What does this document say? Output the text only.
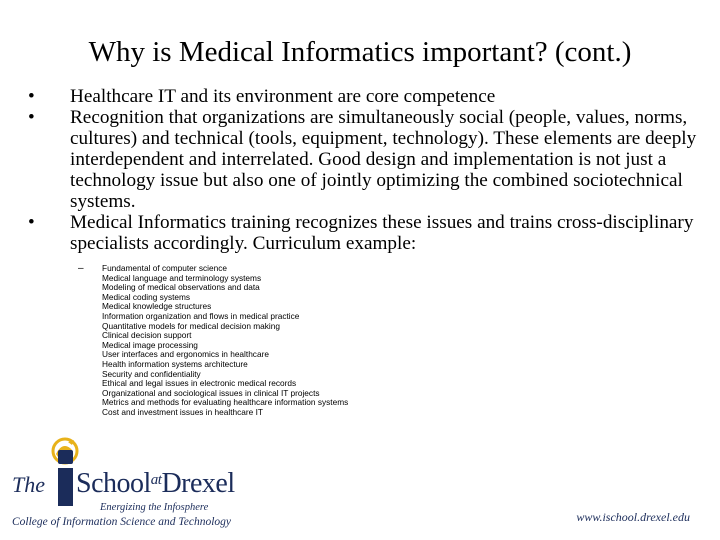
Why is Medical Informatics important? (cont.)
• Healthcare IT and its environment are core competence
• Recognition that organizations are simultaneously social (people, values, norms, cultures) and technical (tools, equipment, technology). These elements are deeply interdependent and interrelated. Good design and implementation is not just a technology issue but also one of jointly optimizing the combined sociotechnical systems.
• Medical Informatics training recognizes these issues and trains cross-disciplinary specialists accordingly. Curriculum example:
– Fundamental of computer science
Medical language and terminology systems
Modeling of medical observations and data
Medical coding systems
Medical knowledge structures
Information organization and flows in medical practice
Quantitative models for medical decision making
Clinical decision support
Medical image processing
User interfaces and ergonomics in healthcare
Health information systems architecture
Security and confidentiality
Ethical and legal issues in electronic medical records
Organizational and sociological issues in clinical IT projects
Metrics and methods for evaluating healthcare information systems
Cost and investment issues in healthcare IT
The School$^{at}$Drexel
Energizing the Infosphere
College of Information Science and Technology	www.ischool.drexel.edu
